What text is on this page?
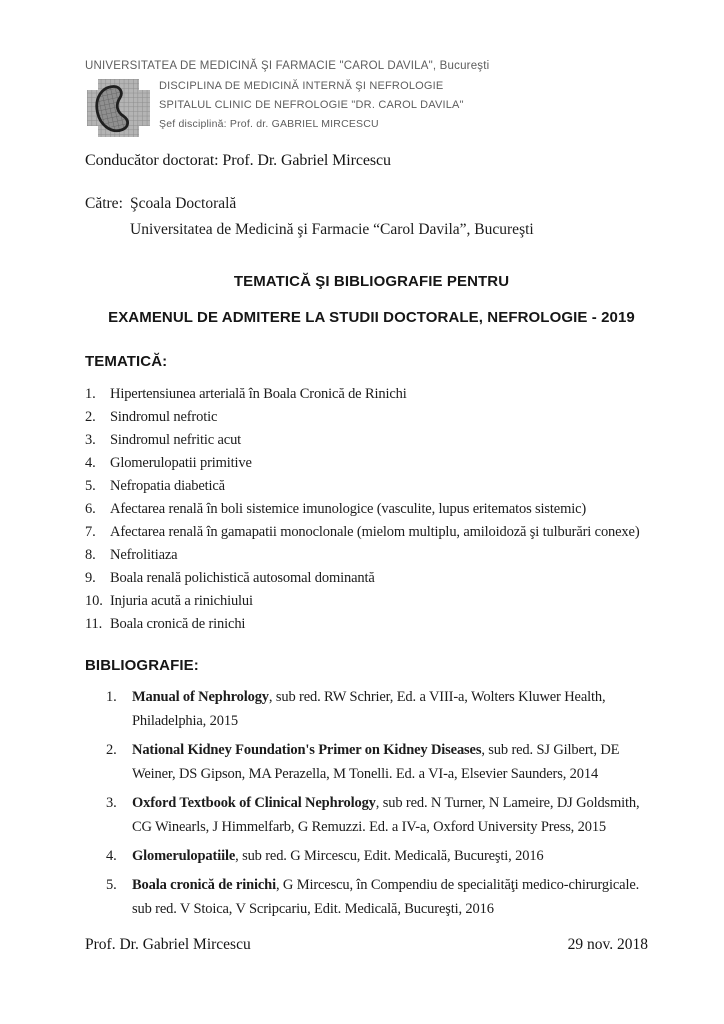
UNIVERSITATEA DE MEDICINĂ ŞI FARMACIE "CAROL DAVILA", Bucureşti
DISCIPLINA DE MEDICINĂ INTERNĂ ŞI NEFROLOGIE
SPITALUL CLINIC DE NEFROLOGIE "DR. CAROL DAVILA"
Şef disciplină: Prof. dr. GABRIEL MIRCESCU
Conducător doctorat: Prof. Dr. Gabriel Mircescu
Către: Şcoala Doctorală
Universitatea de Medicină şi Farmacie “Carol Davila”, Bucureşti
TEMATICĂ ŞI BIBLIOGRAFIE PENTRU
EXAMENUL DE ADMITERE LA STUDII DOCTORALE, NEFROLOGIE - 2019
TEMATICĂ:
1. Hipertensiunea arterială în Boala Cronică de Rinichi
2. Sindromul nefrotic
3. Sindromul nefritic acut
4. Glomerulopatii primitive
5. Nefropatia diabetică
6. Afectarea renală în boli sistemice imunologice (vasculite, lupus eritematos sistemic)
7. Afectarea renală în gamapatii monoclonale (mielom multiplu, amiloidoză şi tulburări conexe)
8. Nefrolitiaza
9. Boala renală polichistică autosomal dominantă
10. Injuria acută a rinichiului
11. Boala cronică de rinichi
BIBLIOGRAFIE:
1.	Manual of Nephrology, sub red. RW Schrier, Ed. a VIII-a, Wolters Kluwer Health, Philadelphia, 2015
2.	National Kidney Foundation's Primer on Kidney Diseases, sub red. SJ Gilbert, DE Weiner, DS Gipson, MA Perazella, M Tonelli. Ed. a VI-a, Elsevier Saunders, 2014
3.	Oxford Textbook of Clinical Nephrology, sub red. N Turner, N Lameire, DJ Goldsmith, CG Winearls, J Himmelfarb, G Remuzzi. Ed. a IV-a, Oxford University Press, 2015
4.	Glomerulopatiile, sub red. G Mircescu, Edit. Medicală, Bucureşti, 2016
5.	Boala cronică de rinichi, G Mircescu, în Compendiu de specialităţi medico-chirurgicale. sub red. V Stoica, V Scripcariu, Edit. Medicală, Bucureşti, 2016
Prof. Dr. Gabriel Mircescu	29 nov. 2018
